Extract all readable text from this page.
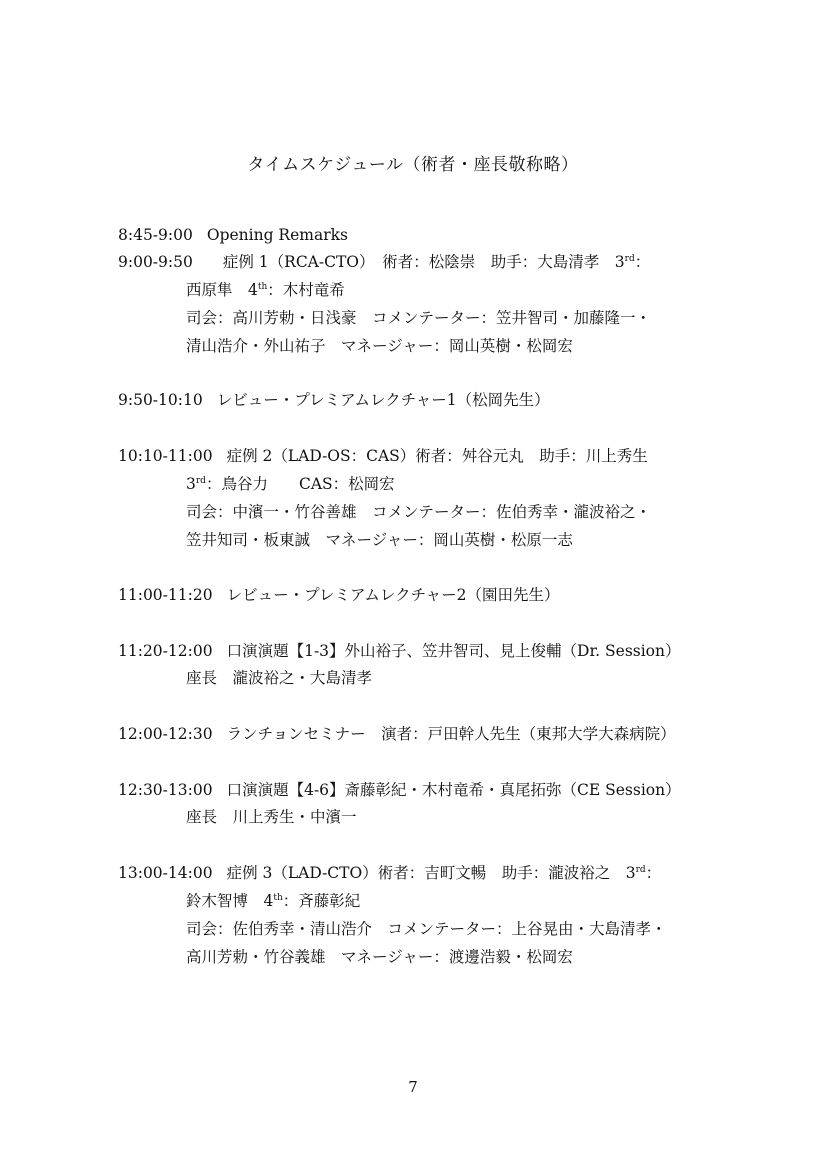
タイムスケジュール（術者・座長敬称略）
8:45-9:00 Opening Remarks
9:00-9:50 症例 1（RCA-CTO）　術者：松陰崇　助手：大島清孝　3rd：
西原隼　4th：木村竜希
司会：高川芳勅・日浅豪　コメンテーター：笠井智司・加藤隆一・
清山浩介・外山祐子　マネージャー：岡山英樹・松岡宏
9:50-10:10 レビュー・プレミアムレクチャー1（松岡先生）
10:10-11:00 症例 2（LAD-OS：CAS）術者：舛谷元丸　助手：川上秀生
3rd：鳥谷力　　CAS：松岡宏
司会：中濱一・竹谷善雄　コメンテーター：佐伯秀幸・瀧波裕之・
笠井知司・板東誠　マネージャー：岡山英樹・松原一志
11:00-11:20 レビュー・プレミアムレクチャー2（園田先生）
11:20-12:00 口演演題【1-3】外山裕子、笠井智司、見上俊輔（Dr. Session）
座長　瀧波裕之・大島清孝
12:00-12:30 ランチョンセミナー　演者：戸田幹人先生（東邦大学大森病院）
12:30-13:00 口演演題【4-6】斎藤彰紀・木村竜希・真尾拓弥（CE Session）
座長　川上秀生・中濱一
13:00-14:00 症例 3（LAD-CTO）術者：吉町文暢　助手：瀧波裕之　3rd：
鈴木智博　4th：斉藤彰紀
司会：佐伯秀幸・清山浩介　コメンテーター：上谷晃由・大島清孝・
高川芳勅・竹谷義雄　マネージャー：渡邊浩毅・松岡宏
7
